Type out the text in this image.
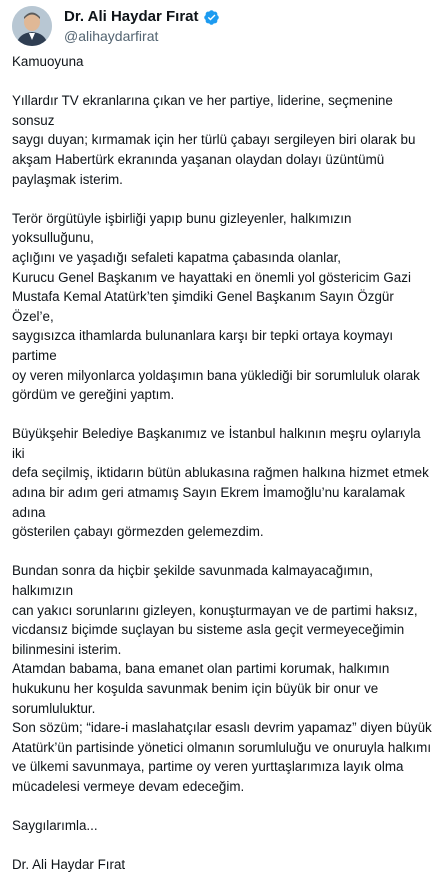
Dr. Ali Haydar Fırat
@alihaydarfirat

Kamuoyuna

Yıllardır TV ekranlarına çıkan ve her partiye, liderine, seçmenine sonsuz
saygı duyan; kırmamak için her türlü çabayı sergileyen biri olarak bu
akşam Habertürk ekranında yaşanan olaydan dolayı üzüntümü
paylaşmak isterim.

Terör örgütüyle işbirliği yapıp bunu gizleyenler, halkımızın yoksulluğunu,
açlığını ve yaşadığı sefaleti kapatma çabasında olanlar,
Kurucu Genel Başkanım ve hayattaki en önemli yol göstericim Gazi
Mustafa Kemal Atatürk’ten şimdiki Genel Başkanım Sayın Özgür Özel’e,
saygısızca ithamlarda bulunanlara karşı bir tepki ortaya koymayı partime
oy veren milyonlarca yoldaşımın bana yüklediği bir sorumluluk olarak
gördüm ve gereğini yaptım.

Büyükşehir Belediye Başkanımız ve İstanbul halkının meşru oylarıyla iki
defa seçilmiş, iktidarın bütün ablukasına rağmen halkına hizmet etmek
adına bir adım geri atmamış Sayın Ekrem İmamoğlu’nu karalamak adına
gösterilen çabayı görmezden gelemezdim.

Bundan sonra da hiçbir şekilde savunmada kalmayacağımın, halkımızın
can yakıcı sorunlarını gizleyen, konuşturmayan ve de partimi haksız,
vicdansız biçimde suçlayan bu sisteme asla geçit vermeyeceğimin
bilinmesini isterim.
Atamdan babama, bana emanet olan partimi korumak, halkımın
hukukunu her koşulda savunmak benim için büyük bir onur ve
sorumluluktur.
Son sözüm; “idare-i maslahatçılar esaslı devrim yapamaz” diyen büyük
Atatürk’ün partisinde yönetici olmanın sorumluluğu ve onuruyla halkımı
ve ülkemi savunmaya, partime oy veren yurttaşlarımıza layık olma
mücadelesi vermeye devam edeceğim.

Saygılarımla...

Dr. Ali Haydar Fırat
